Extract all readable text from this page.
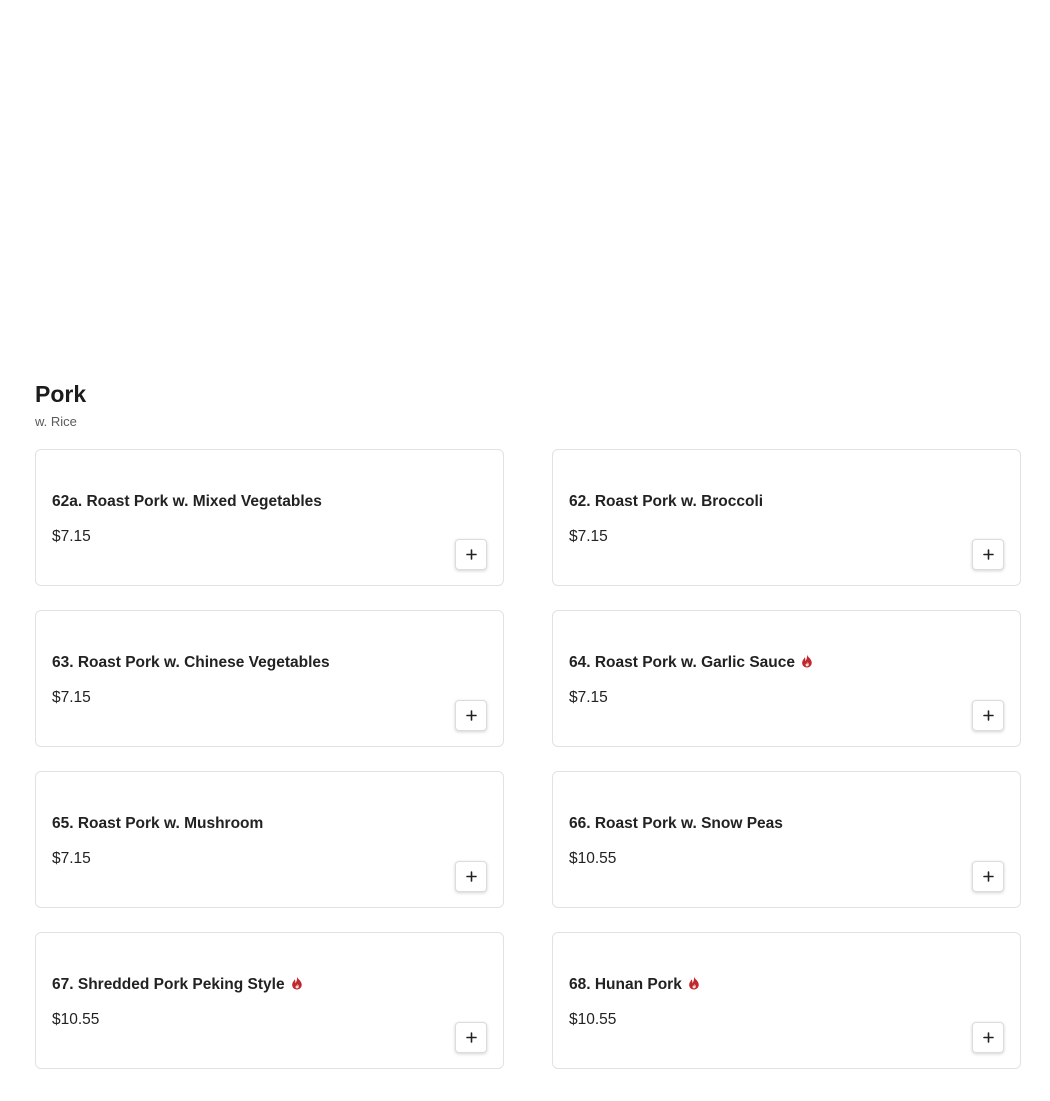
Pork
w. Rice
62a. Roast Pork w. Mixed Vegetables
$7.15
62. Roast Pork w. Broccoli
$7.15
63. Roast Pork w. Chinese Vegetables
$7.15
64. Roast Pork w. Garlic Sauce
$7.15
65. Roast Pork w. Mushroom
$7.15
66. Roast Pork w. Snow Peas
$10.55
67. Shredded Pork Peking Style
$10.55
68. Hunan Pork
$10.55
